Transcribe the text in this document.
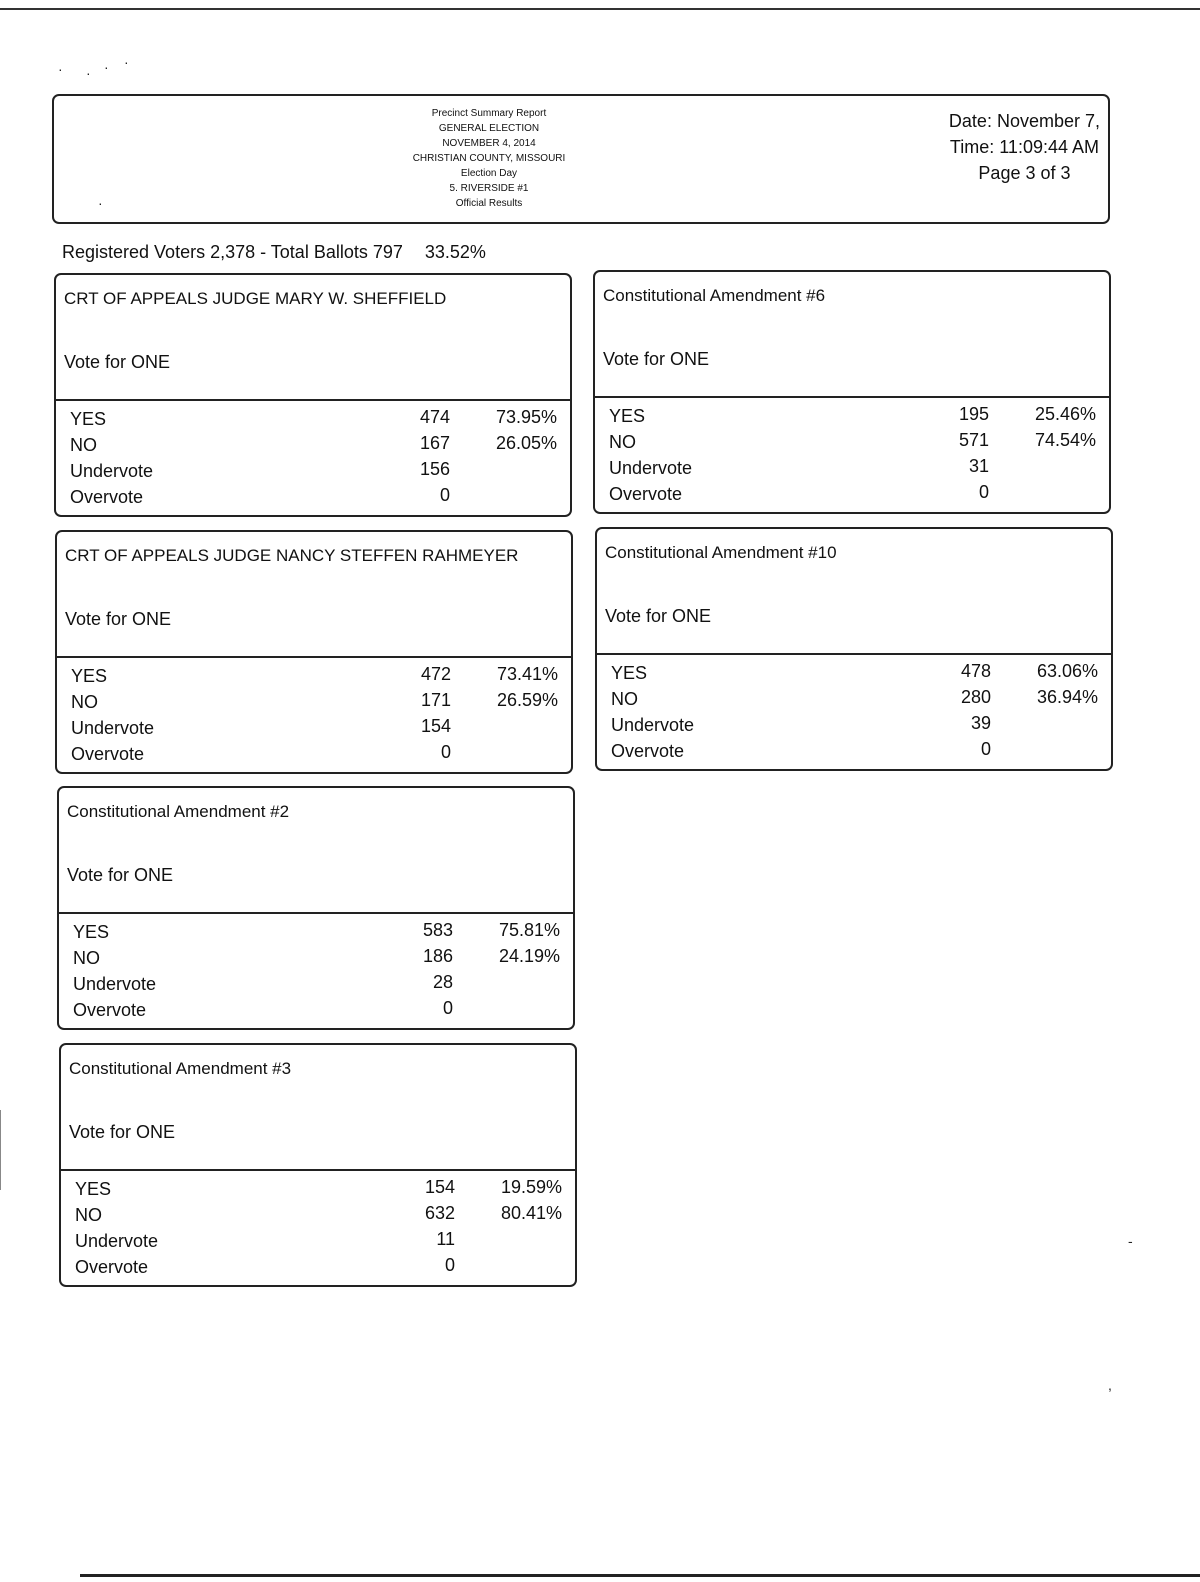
· · · ·
·
-
,
Precinct Summary Report
GENERAL ELECTION
NOVEMBER 4, 2014
CHRISTIAN COUNTY, MISSOURI
Election Day
5. RIVERSIDE #1
Official Results
Date: November 7,
Time: 11:09:44 AM
Page 3 of 3
Registered Voters 2,378 - Total Ballots 797 33.52%
CRT OF APPEALS JUDGE MARY W. SHEFFIELD
Vote for ONE
YES	474	73.95%
NO	167	26.05%
Undervote	156
Overvote	0
Constitutional Amendment #6
Vote for ONE
YES	195	25.46%
NO	571	74.54%
Undervote	31
Overvote	0
CRT OF APPEALS JUDGE NANCY STEFFEN RAHMEYER
Vote for ONE
YES	472	73.41%
NO	171	26.59%
Undervote	154
Overvote	0
Constitutional Amendment #10
Vote for ONE
YES	478	63.06%
NO	280	36.94%
Undervote	39
Overvote	0
Constitutional Amendment #2
Vote for ONE
YES	583	75.81%
NO	186	24.19%
Undervote	28
Overvote	0
Constitutional Amendment #3
Vote for ONE
YES	154	19.59%
NO	632	80.41%
Undervote	11
Overvote	0
